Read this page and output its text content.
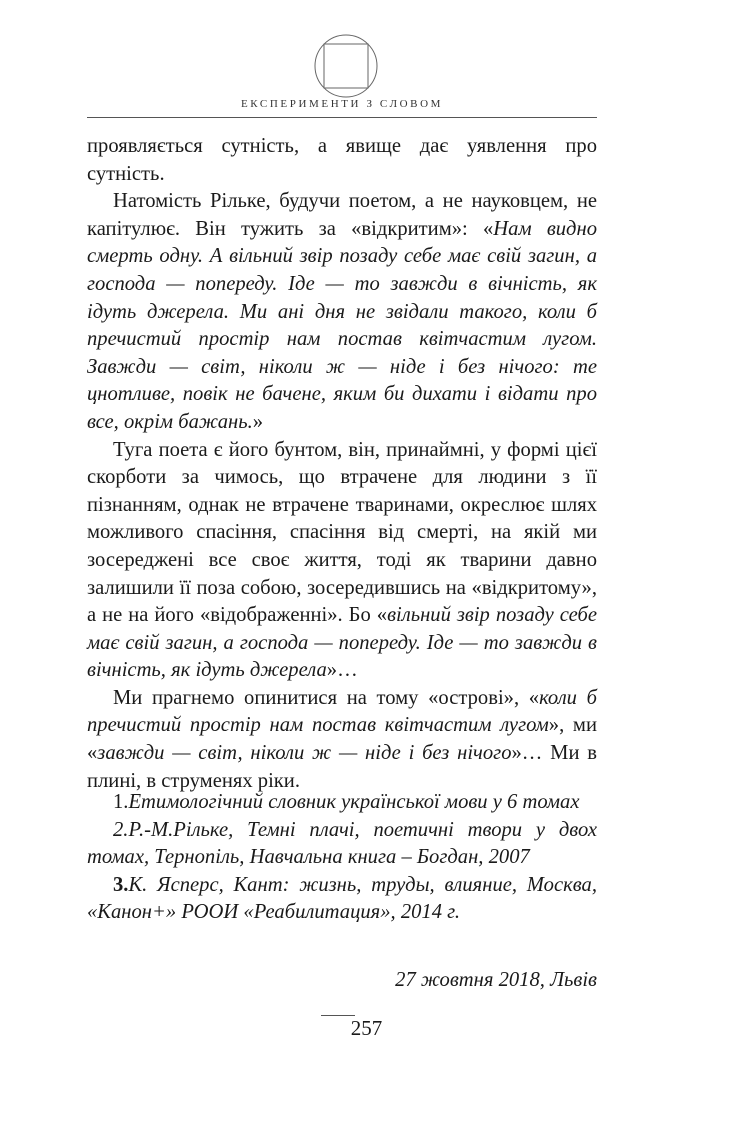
ЕКСПЕРИМЕНТИ З СЛОВОМ

проявляється сутність, а явище дає уявлення про сутність.

Натомість Рільке, будучи поетом, а не науковцем, не капітулює. Він тужить за «відкритим»: «Нам видно смерть одну. А вільний звір позаду себе має свій загин, а господа — попереду. Іде — то завжди в вічність, як ідуть джерела. Ми ані дня не звідали такого, коли б пречистий простір нам постав квітчастим лугом. Завжди — світ, ніколи ж — ніде і без нічого: те цнотливе, повік не бачене, яким би дихати і відати про все, окрім бажань.»

Туга поета є його бунтом, він, принаймні, у формі цієї скорботи за чимось, що втрачене для людини з її пізнанням, однак не втрачене тваринами, окреслює шлях можливого спасіння, спасіння від смерті, на якій ми зосереджені все своє життя, тоді як тварини давно залишили її поза собою, зосередившись на «відкритому», а не на його «відображенні». Бо «вільний звір позаду себе має свій загин, а господа — попереду. Іде — то завжди в вічність, як ідуть джерела»…

Ми прагнемо опинитися на тому «острові», «коли б пречистий простір нам постав квітчастим лугом», ми «завжди — світ, ніколи ж — ніде і без нічого»… Ми в плині, в струменях ріки.

1.Етимологічний словник української мови у 6 томах

2.Р.-М.Рільке, Темні плачі, поетичні твори у двох томах, Тернопіль, Навчальна книга – Богдан, 2007

3.К. Ясперс, Кант: жизнь, труды, влияние, Москва, «Канон+» РООИ «Реабилитация», 2014 г.

27 жовтня 2018, Львів
257
